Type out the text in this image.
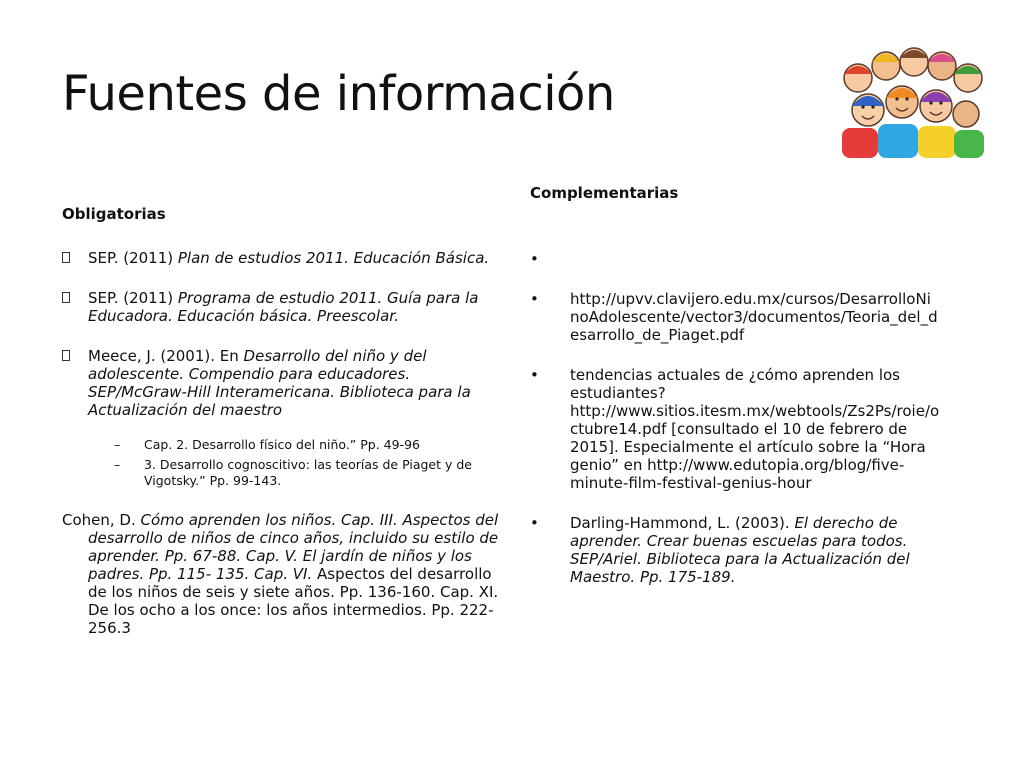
Fuentes de información

Obligatorias

SEP. (2011) Plan de estudios 2011. Educación Básica.
SEP. (2011) Programa de estudio 2011. Guía para la Educadora. Educación básica. Preescolar.
Meece, J. (2001). En Desarrollo del niño y del adolescente. Compendio para educadores. SEP/McGraw-Hill Interamericana. Biblioteca para la Actualización del maestro
– Cap. 2. Desarrollo físico del niño.” Pp. 49-96
– 3. Desarrollo cognoscitivo: las teorías de Piaget y de Vigotsky.” Pp. 99-143.

Cohen, D. Cómo aprenden los niños. Cap. III. Aspectos del desarrollo de niños de cinco años, incluido su estilo de aprender. Pp. 67-88. Cap. V. El jardín de niños y los padres. Pp. 115- 135. Cap. VI. Aspectos del desarrollo de los niños de seis y siete años. Pp. 136-160. Cap. XI. De los ocho a los once: los años intermedios. Pp. 222-256.3

Complementarias

•

• http://upvv.clavijero.edu.mx/cursos/DesarrolloNinoAdolescente/vector3/documentos/Teoria_del_desarrollo_de_Piaget.pdf
• tendencias actuales de ¿cómo aprenden los estudiantes? http://www.sitios.itesm.mx/webtools/Zs2Ps/roie/octubre14.pdf [consultado el 10 de febrero de 2015]. Especialmente el artículo sobre la “Hora genio” en http://www.edutopia.org/blog/five-minute-film-festival-genius-hour
• Darling-Hammond, L. (2003). El derecho de aprender. Crear buenas escuelas para todos. SEP/Ariel. Biblioteca para la Actualización del Maestro. Pp. 175-189.
